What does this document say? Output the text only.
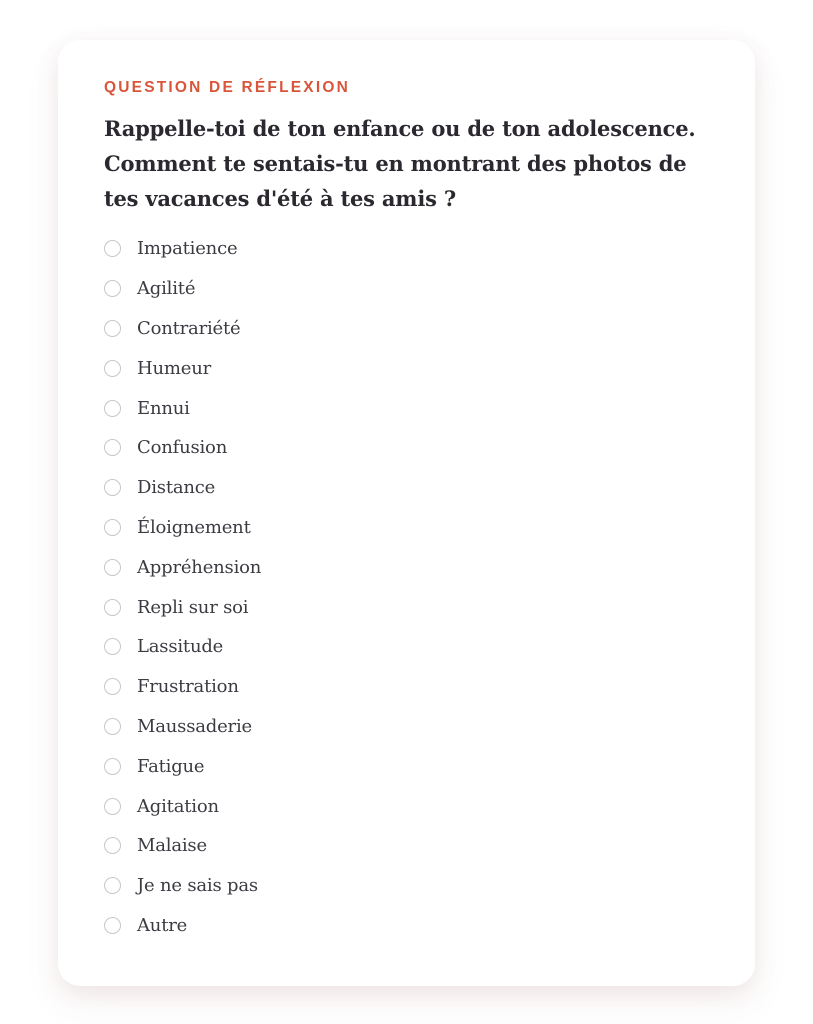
QUESTION DE RÉFLEXION

Rappelle-toi de ton enfance ou de ton adolescence. Comment te sentais-tu en montrant des photos de tes vacances d'été à tes amis ?
Impatience
Agilité
Contrariété
Humeur
Ennui
Confusion
Distance
Éloignement
Appréhension
Repli sur soi
Lassitude
Frustration
Maussaderie
Fatigue
Agitation
Malaise
Je ne sais pas
Autre
